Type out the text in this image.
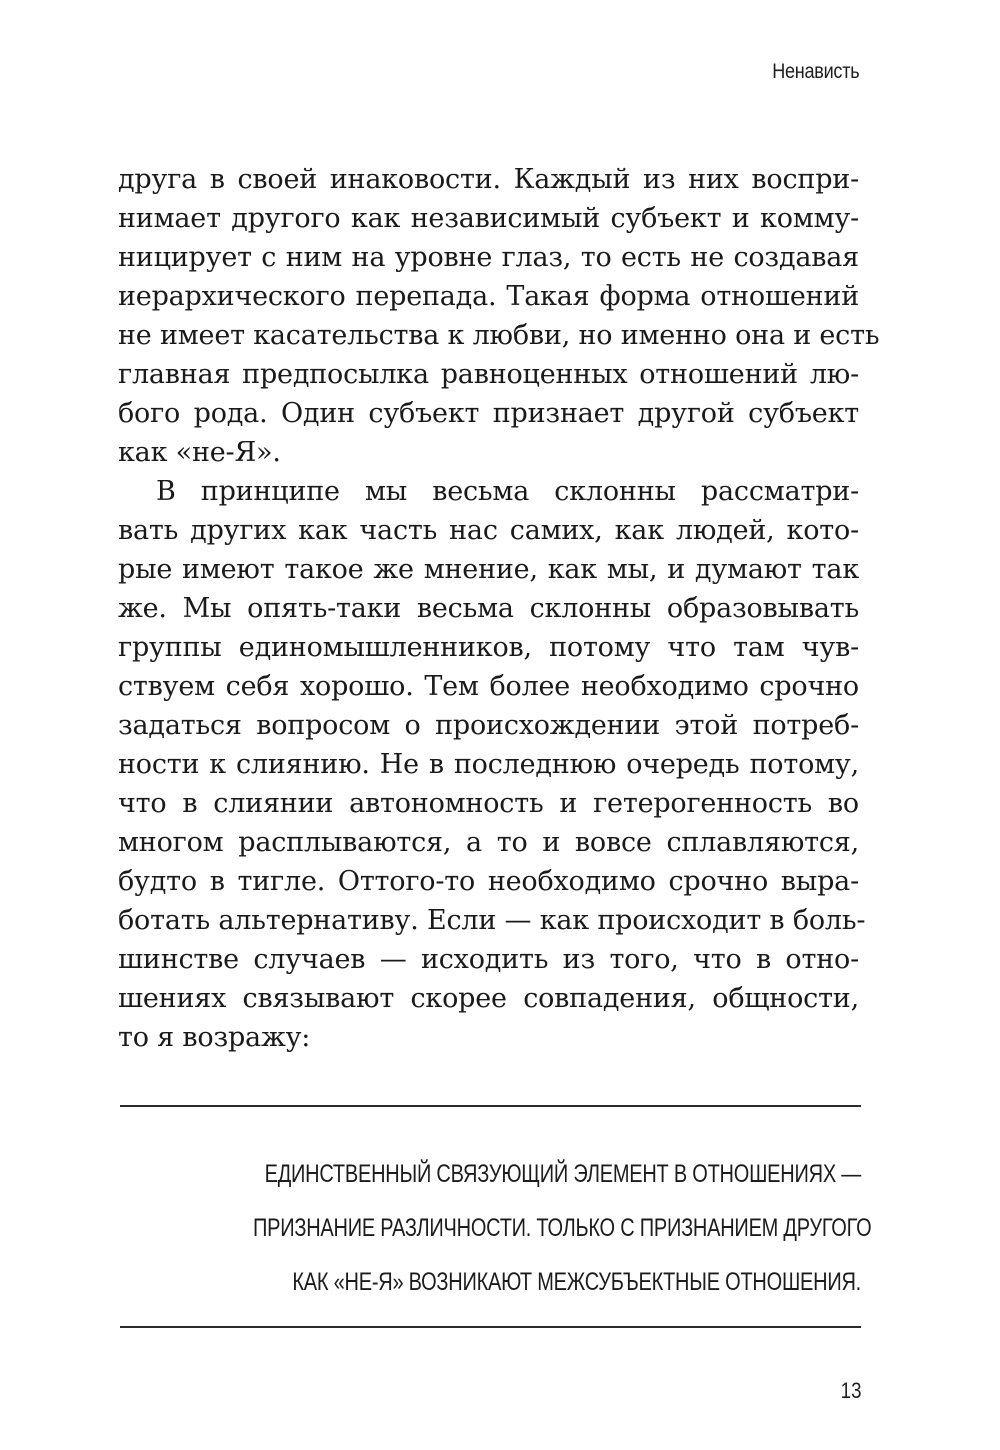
Ненависть
друга в своей инаковости. Каждый из них воспри-
нимает другого как независимый субъект и комму-
ницирует с ним на уровне глаз, то есть не создавая
иерархического перепада. Такая форма отношений
не имеет касательства к любви, но именно она и есть
главная предпосылка равноценных отношений лю-
бого рода. Один субъект признает другой субъект
как «не-Я».
В принципе мы весьма склонны рассматри-
вать других как часть нас самих, как людей, кото-
рые имеют такое же мнение, как мы, и думают так
же. Мы опять-таки весьма склонны образовывать
группы единомышленников, потому что там чув-
ствуем себя хорошо. Тем более необходимо срочно
задаться вопросом о происхождении этой потреб-
ности к слиянию. Не в последнюю очередь потому,
что в слиянии автономность и гетерогенность во
многом расплываются, а то и вовсе сплавляются,
будто в тигле. Оттого-то необходимо срочно выра-
ботать альтернативу. Если — как происходит в боль-
шинстве случаев — исходить из того, что в отно-
шениях связывают скорее совпадения, общности,
то я возражу:
ЕДИНСТВЕННЫЙ СВЯЗУЮЩИЙ ЭЛЕМЕНТ В ОТНОШЕНИЯХ —
ПРИЗНАНИЕ РАЗЛИЧНОСТИ. ТОЛЬКО С ПРИЗНАНИЕМ ДРУГОГО
КАК «НЕ-Я» ВОЗНИКАЮТ МЕЖСУБЪЕКТНЫЕ ОТНОШЕНИЯ.
13
